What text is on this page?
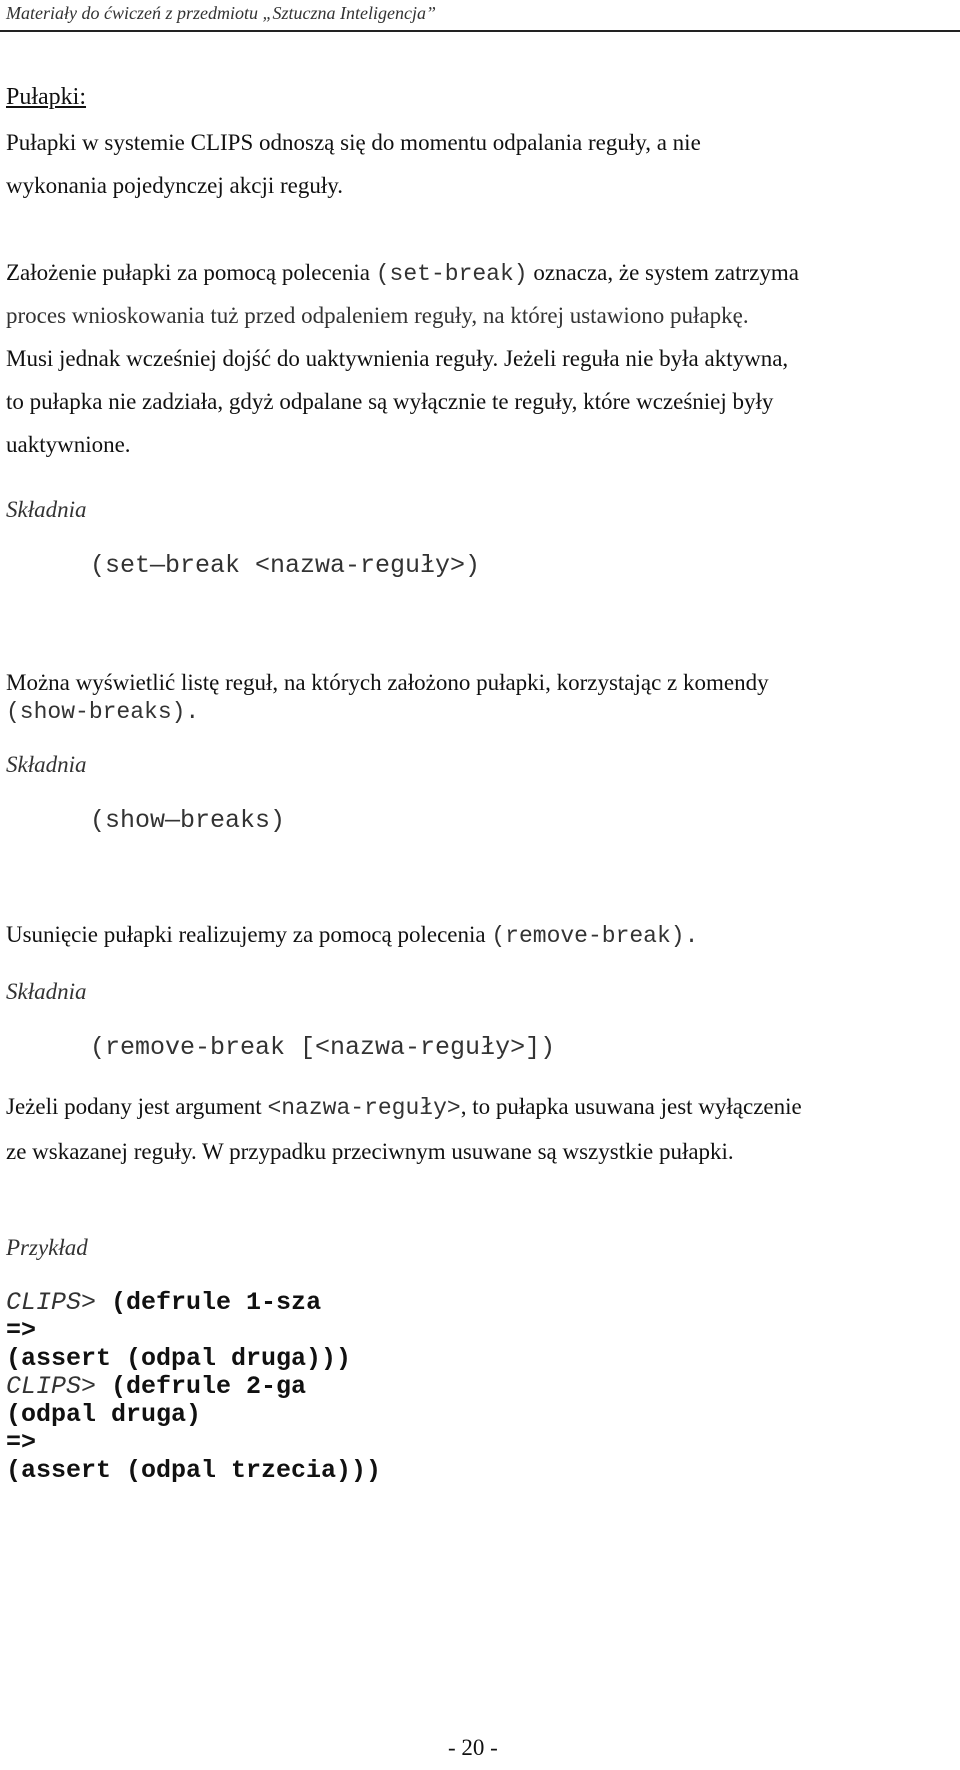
Materiały do ćwiczeń z przedmiotu „Sztuczna Inteligencja”
Pułapki:
Pułapki w systemie CLIPS odnoszą się do momentu odpalania reguły, a nie
wykonania pojedynczej akcji reguły.
Założenie pułapki za pomocą polecenia (set-break) oznacza, że system zatrzyma
proces wnioskowania tuż przed odpaleniem reguły, na której ustawiono pułapkę.
Musi jednak wcześniej dojść do uaktywnienia reguły. Jeżeli reguła nie była aktywna,
to pułapka nie zadziała, gdyż odpalane są wyłącznie te reguły, które wcześniej były
uaktywnione.
Składnia
(set—break <nazwa-reguły>)
Można wyświetlić listę reguł, na których założono pułapki, korzystając z komendy
(show-breaks).
Składnia
(show—breaks)
Usunięcie pułapki realizujemy za pomocą polecenia (remove-break).
Składnia
(remove-break [<nazwa-reguły>])
Jeżeli podany jest argument <nazwa-reguły>, to pułapka usuwana jest wyłączenie
ze wskazanej reguły. W przypadku przeciwnym usuwane są wszystkie pułapki.
Przykład
CLIPS> (defrule 1-sza
=>
(assert (odpal druga)))
CLIPS> (defrule 2-ga
(odpal druga)
=>
(assert (odpal trzecia)))
- 20 -
